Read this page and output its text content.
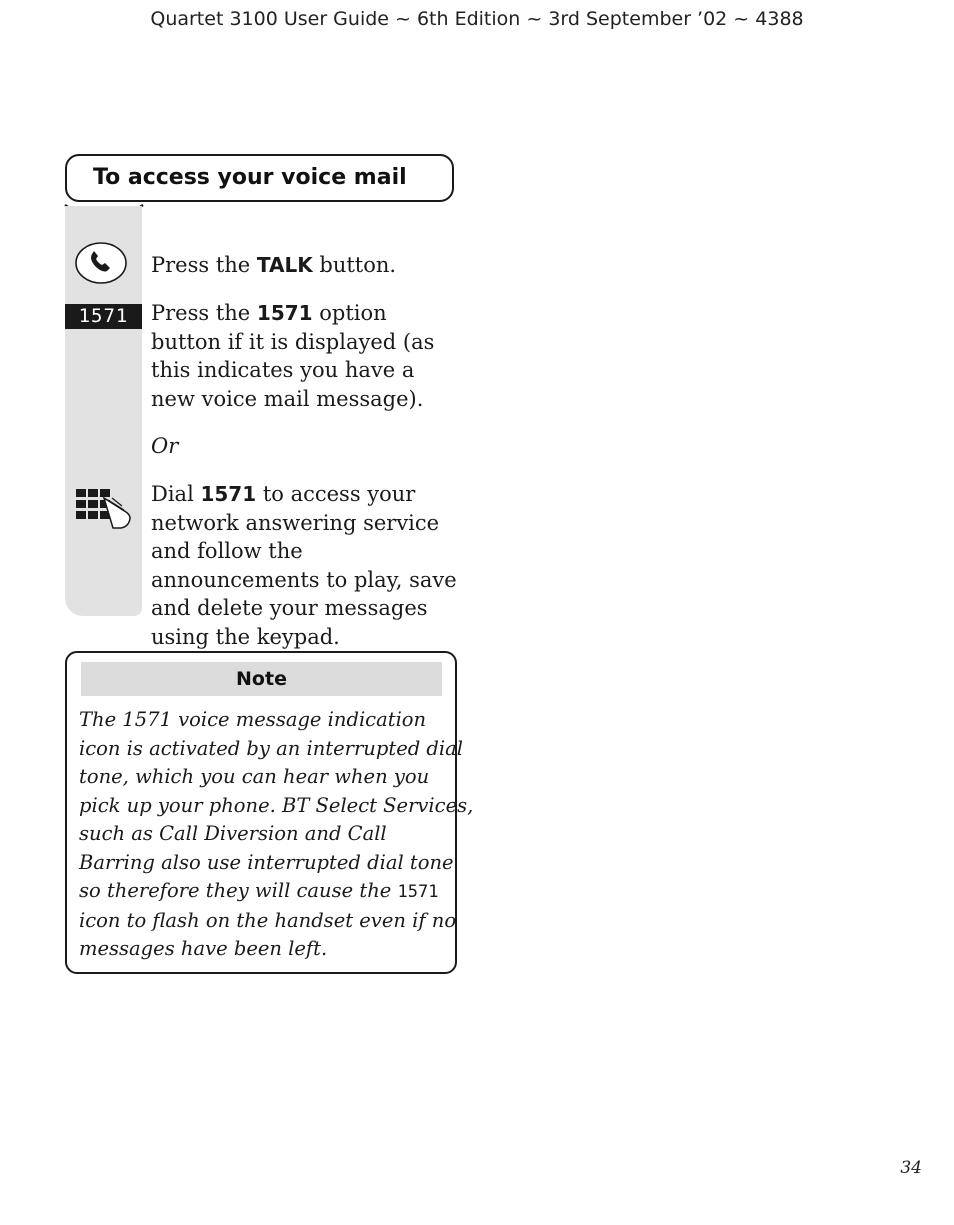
Quartet 3100 User Guide ~ 6th Edition ~ 3rd September ’02 ~ 4388
To access your voice mail
Press the TALK button.
1571	Press the 1571 option button if it is displayed (as this indicates you have a new voice mail message).
Or
Dial 1571 to access your network answering service and follow the announcements to play, save and delete your messages using the keypad.
Note
The 1571 voice message indication
icon is activated by an interrupted dial
tone, which you can hear when you
pick up your phone. BT Select Services,
such as Call Diversion and Call
Barring also use interrupted dial tone
so therefore they will cause the 1571
icon to flash on the handset even if no
messages have been left.
34
